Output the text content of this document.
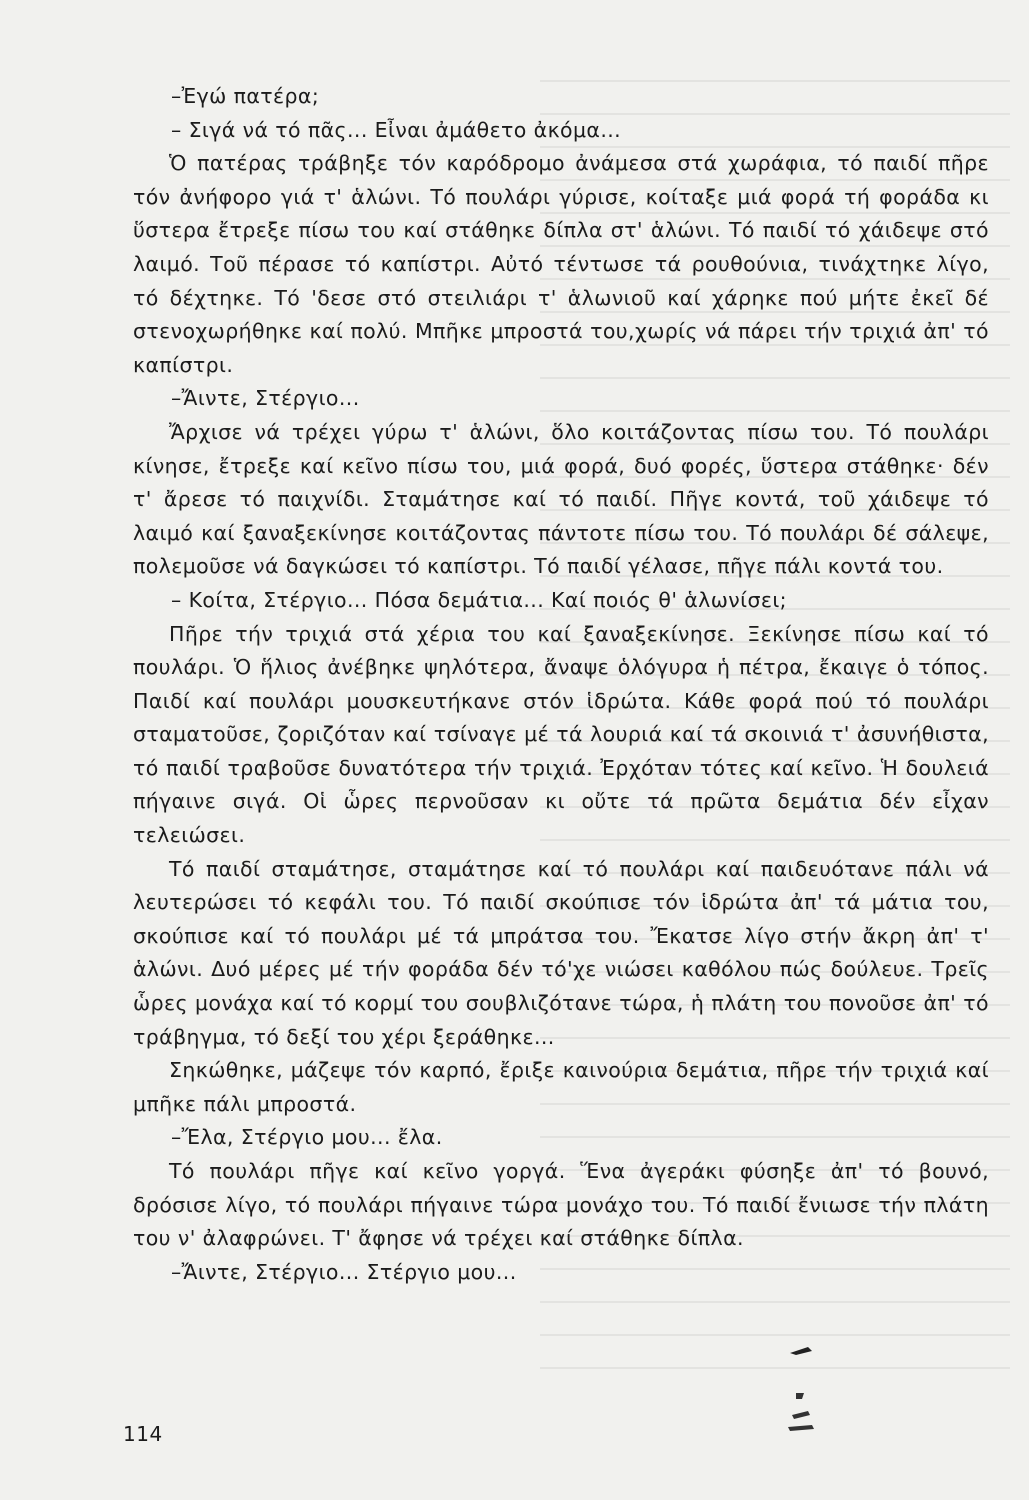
–Ἐγώ πατέρα;

– Σιγά νά τό πᾶς... Εἶναι ἀμάθετο ἀκόμα...

Ὁ πατέρας τράβηξε τόν καρόδρομο ἀνάμεσα στά χωράφια, τό παιδί πῆρε τόν ἀνήφορο γιά τ' ἁλώνι. Τό πουλάρι γύρισε, κοίταξε μιά φορά τή φοράδα κι ὕστερα ἔτρεξε πίσω του καί στάθηκε δίπλα στ' ἁλώνι. Τό παιδί τό χάιδεψε στό λαιμό. Τοῦ πέρασε τό καπίστρι. Αὐτό τέντωσε τά ρουθούνια, τινάχτηκε λίγο, τό δέχτηκε. Τό 'δεσε στό στειλιάρι τ' ἁλωνιοῦ καί χάρηκε πού μήτε ἐκεῖ δέ στενοχωρήθηκε καί πολύ. Μπῆκε μπροστά του,χωρίς νά πάρει τήν τριχιά ἀπ' τό καπίστρι.

–Ἄιντε, Στέργιο...

Ἄρχισε νά τρέχει γύρω τ' ἁλώνι, ὅλο κοιτάζοντας πίσω του. Τό πουλάρι κίνησε, ἔτρεξε καί κεῖνο πίσω του, μιά φορά, δυό φορές, ὕστερα στάθηκε· δέν τ' ἄρεσε τό παιχνίδι. Σταμάτησε καί τό παιδί. Πῆγε κοντά, τοῦ χάιδεψε τό λαιμό καί ξαναξεκίνησε κοιτάζοντας πάντοτε πίσω του. Τό πουλάρι δέ σάλεψε, πολεμοῦσε νά δαγκώσει τό καπίστρι. Τό παιδί γέλασε, πῆγε πάλι κοντά του.

– Κοίτα, Στέργιο... Πόσα δεμάτια... Καί ποιός θ' ἁλωνίσει;

Πῆρε τήν τριχιά στά χέρια του καί ξαναξεκίνησε. Ξεκίνησε πίσω καί τό πουλάρι. Ὁ ἥλιος ἀνέβηκε ψηλότερα, ἄναψε ὁλόγυρα ἡ πέτρα, ἔκαιγε ὁ τόπος. Παιδί καί πουλάρι μουσκευτήκανε στόν ἱδρώτα. Κάθε φορά πού τό πουλάρι σταματοῦσε, ζοριζόταν καί τσίναγε μέ τά λουριά καί τά σκοινιά τ' ἀσυνήθιστα, τό παιδί τραβοῦσε δυνατότερα τήν τριχιά. Ἐρχόταν τότες καί κεῖνο. Ἡ δουλειά πήγαινε σιγά. Οἱ ὧρες περνοῦσαν κι οὔτε τά πρῶτα δεμάτια δέν εἶχαν τελειώσει.

Τό παιδί σταμάτησε, σταμάτησε καί τό πουλάρι καί παιδευότανε πάλι νά λευτερώσει τό κεφάλι του. Τό παιδί σκούπισε τόν ἱδρώτα ἀπ' τά μάτια του, σκούπισε καί τό πουλάρι μέ τά μπράτσα του. Ἔκατσε λίγο στήν ἄκρη ἀπ' τ' ἁλώνι. Δυό μέρες μέ τήν φοράδα δέν τό'χε νιώσει καθόλου πώς δούλευε. Τρεῖς ὧρες μονάχα καί τό κορμί του σουβλιζότανε τώρα, ἡ πλάτη του πονοῦσε ἀπ' τό τράβηγμα, τό δεξί του χέρι ξεράθηκε...

Σηκώθηκε, μάζεψε τόν καρπό, ἔριξε καινούρια δεμάτια, πῆρε τήν τριχιά καί μπῆκε πάλι μπροστά.

–Ἔλα, Στέργιο μου... ἔλα.

Τό πουλάρι πῆγε καί κεῖνο γοργά. Ἕνα ἀγεράκι φύσηξε ἀπ' τό βουνό, δρόσισε λίγο, τό πουλάρι πήγαινε τώρα μονάχο του. Τό παιδί ἔνιωσε τήν πλάτη του ν' ἀλαφρώνει. Τ' ἄφησε νά τρέχει καί στάθηκε δίπλα.

–Ἄιντε, Στέργιο... Στέργιο μου...

114
